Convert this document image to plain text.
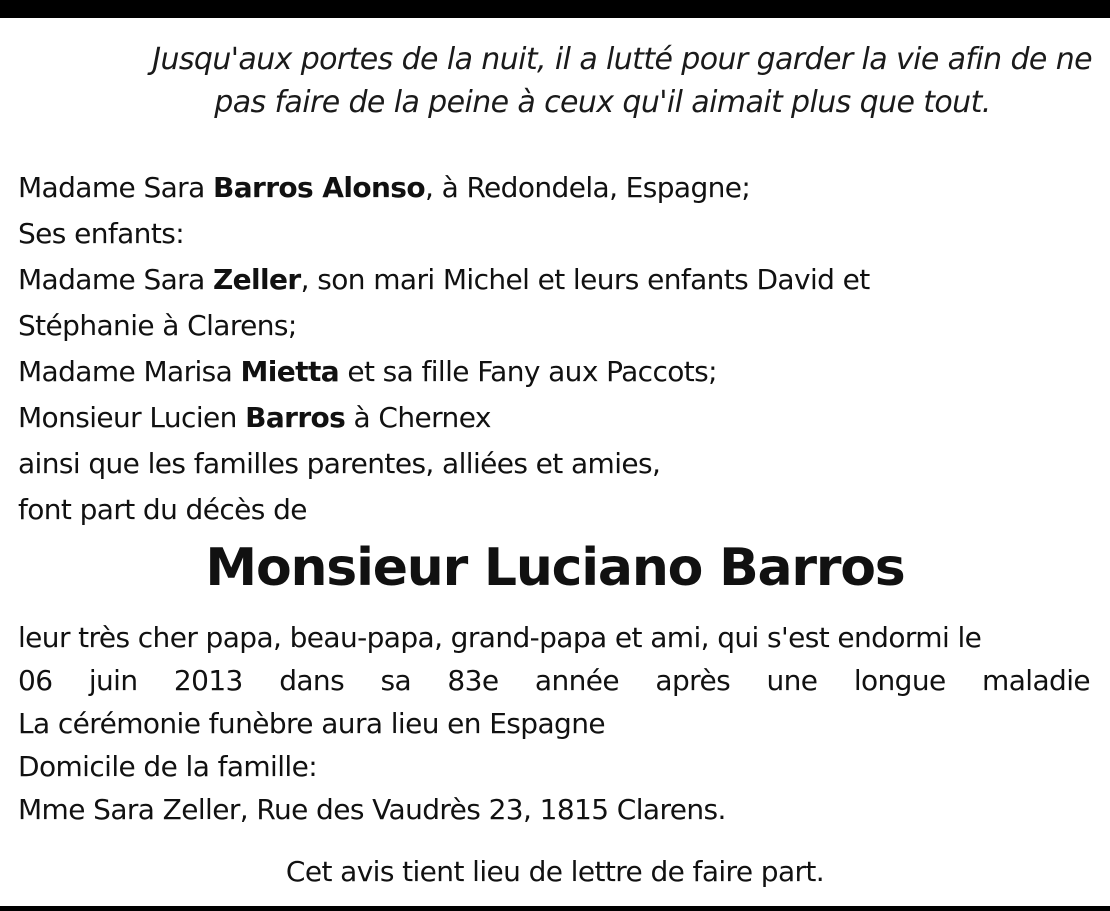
Jusqu'aux portes de la nuit, il a lutté pour garder la vie afin de ne
pas faire de la peine à ceux qu'il aimait plus que tout.
Madame Sara Barros Alonso, à Redondela, Espagne;
Ses enfants:
Madame Sara Zeller, son mari Michel et leurs enfants David et
Stéphanie à Clarens;
Madame Marisa Mietta et sa fille Fany aux Paccots;
Monsieur Lucien Barros à Chernex
ainsi que les familles parentes, alliées et amies,
font part du décès de
Monsieur Luciano Barros
leur très cher papa, beau-papa, grand-papa et ami, qui s'est endormi le
06 juin 2013 dans sa 83e année après une longue maladie
La cérémonie funèbre aura lieu en Espagne
Domicile de la famille:
Mme Sara Zeller, Rue des Vaudrès 23, 1815 Clarens.
Cet avis tient lieu de lettre de faire part.
